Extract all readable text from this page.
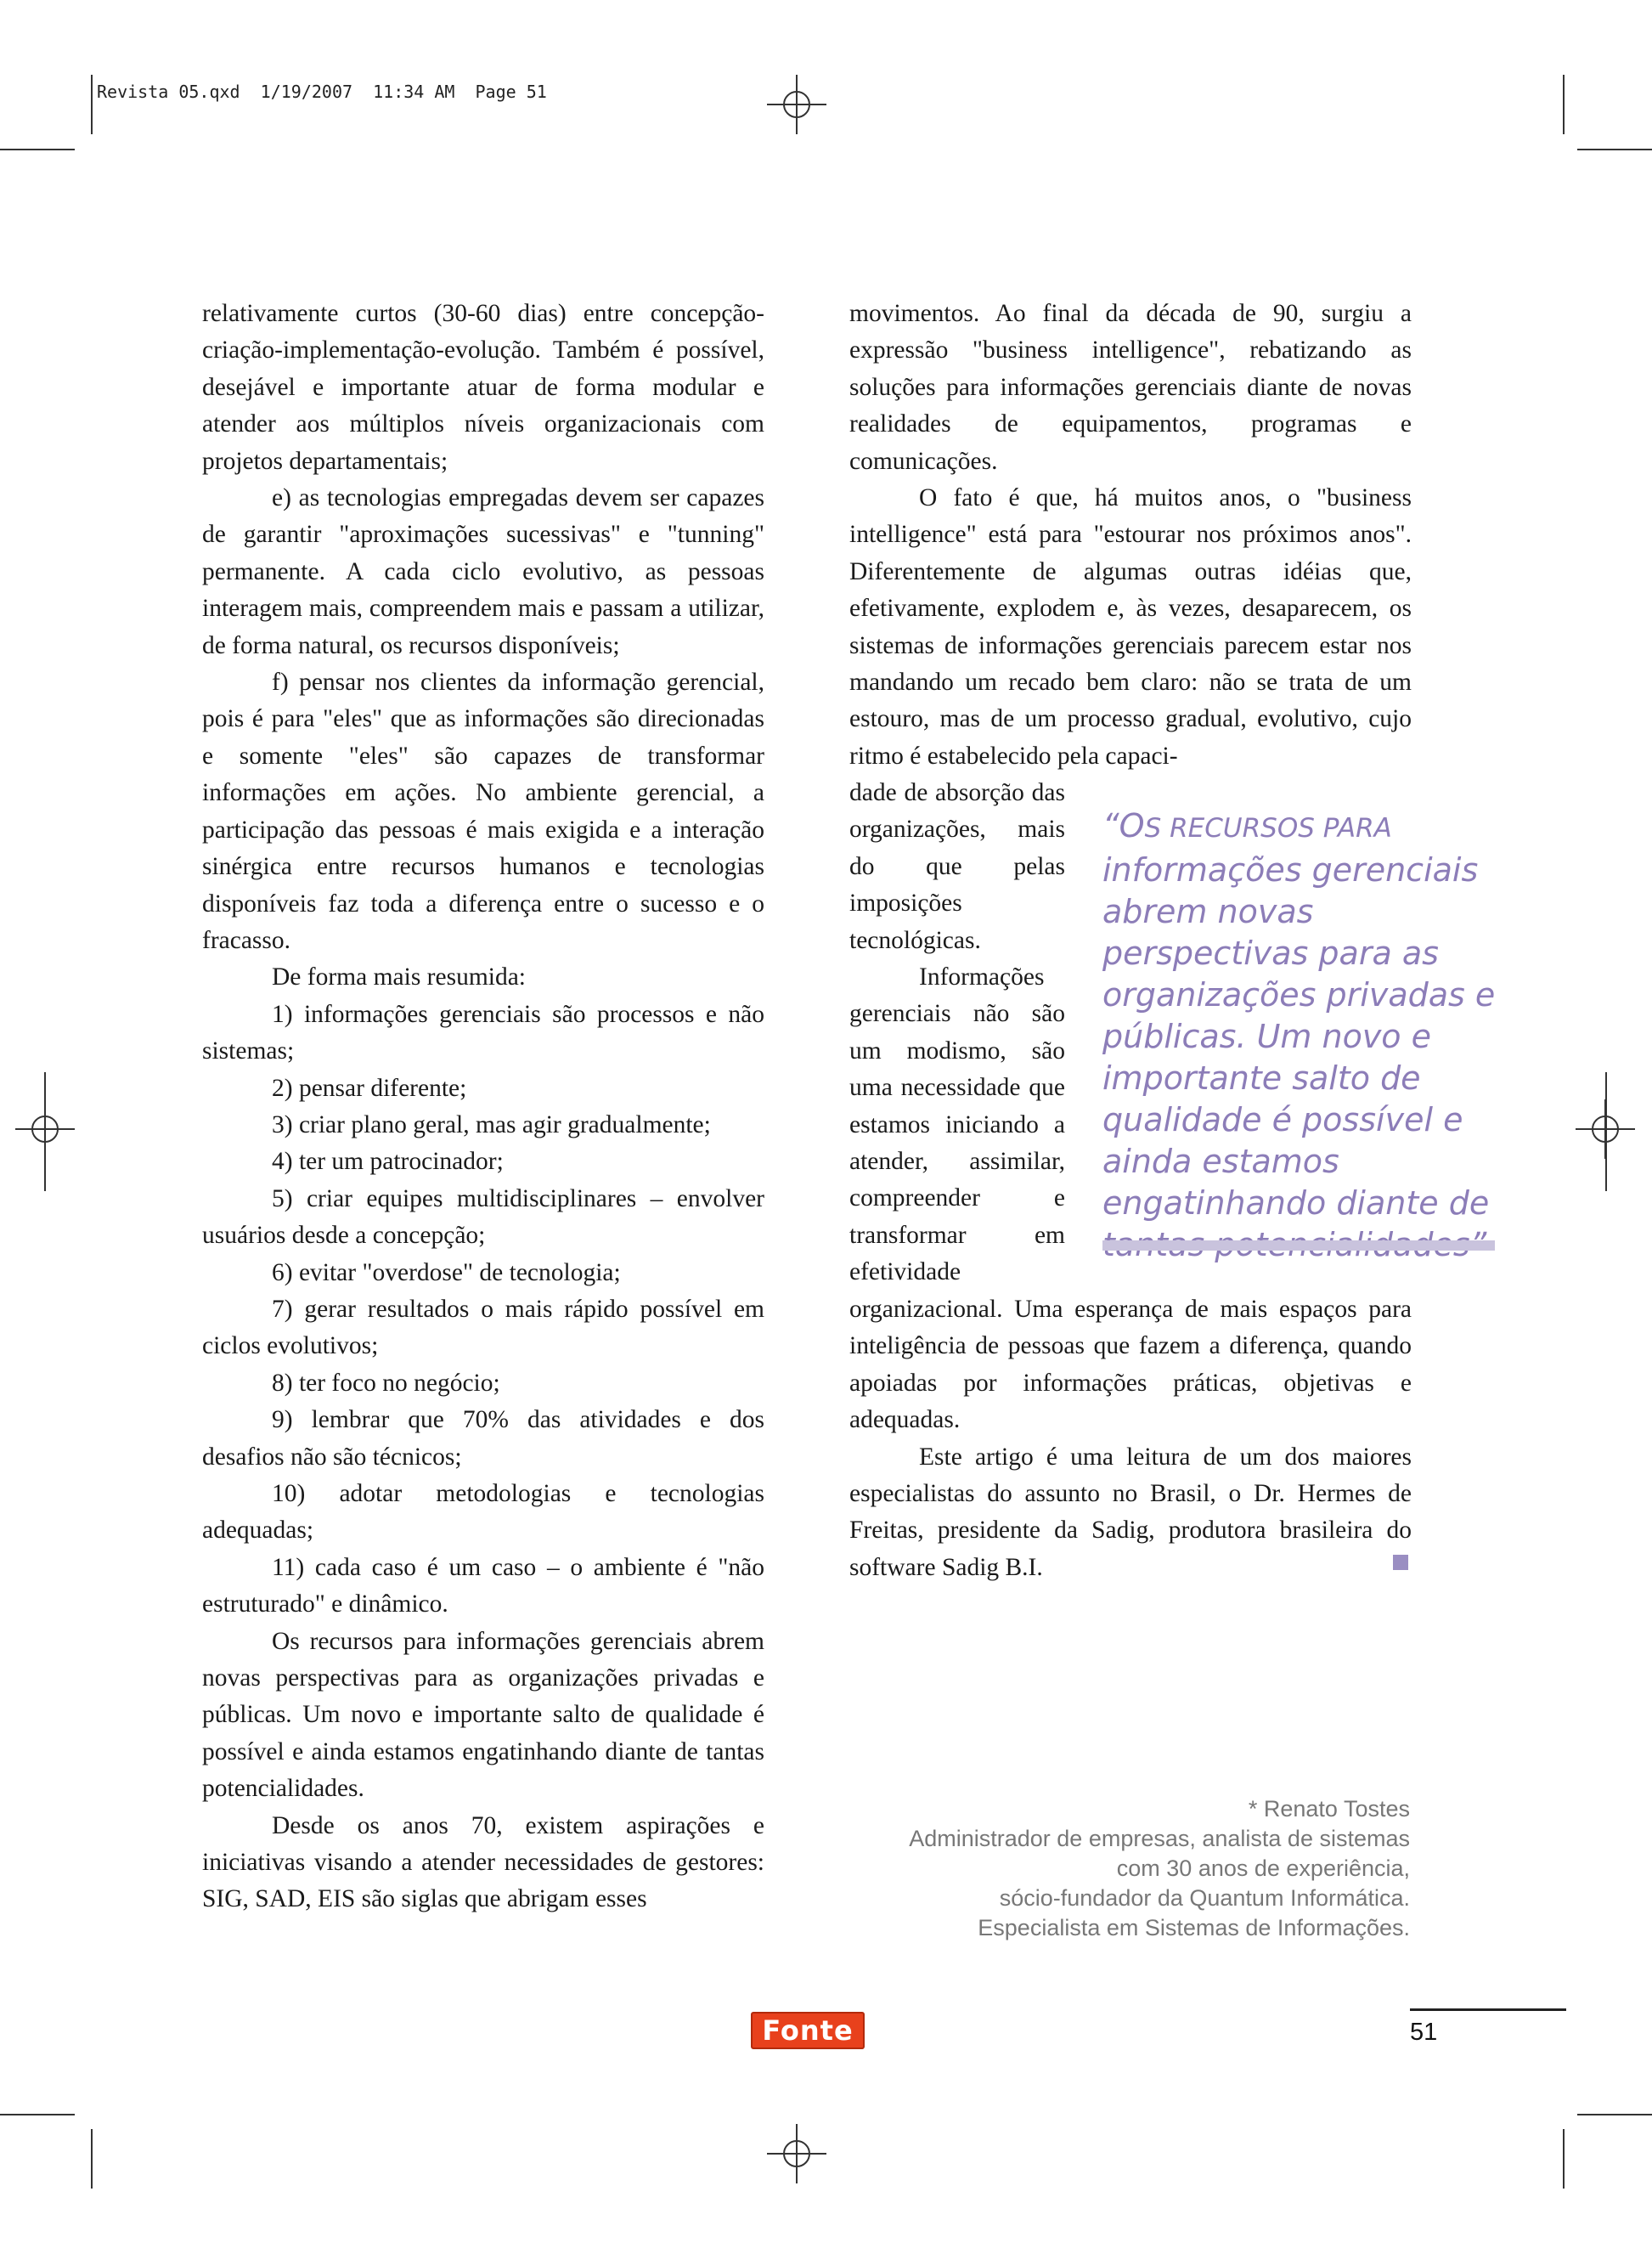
Revista 05.qxd  1/19/2007  11:34 AM  Page 51

relativamente curtos (30-60 dias) entre concepção-criação-implementação-evolução. Também é possível, desejável e importante atuar de forma modular e atender aos múltiplos níveis organizacionais com projetos departamentais;

e) as tecnologias empregadas devem ser capazes de garantir "aproximações sucessivas" e "tunning" permanente. A cada ciclo evolutivo, as pessoas interagem mais, compreendem mais e passam a utilizar, de forma natural, os recursos disponíveis;

f) pensar nos clientes da informação gerencial, pois é para "eles" que as informações são direcionadas e somente "eles" são capazes de transformar informações em ações. No ambiente gerencial, a participação das pessoas é mais exigida e a interação sinérgica entre recursos humanos e tecnologias disponíveis faz toda a diferença entre o sucesso e o fracasso.

De forma mais resumida:

1) informações gerenciais são processos e não sistemas;

2) pensar diferente;

3) criar plano geral, mas agir gradualmente;

4) ter um patrocinador;

5) criar equipes multidisciplinares – envolver usuários desde a concepção;

6) evitar "overdose" de tecnologia;

7) gerar resultados o mais rápido possível em ciclos evolutivos;

8) ter foco no negócio;

9) lembrar que 70% das atividades e dos desafios não são técnicos;

10) adotar metodologias e tecnologias adequadas;

11) cada caso é um caso – o ambiente é "não estruturado" e dinâmico.

Os recursos para informações gerenciais abrem novas perspectivas para as organizações privadas e públicas. Um novo e importante salto de qualidade é possível e ainda estamos engatinhando diante de tantas potencialidades.

Desde os anos 70, existem aspirações e iniciativas visando a atender necessidades de gestores: SIG, SAD, EIS são siglas que abrigam esses

movimentos. Ao final da década de 90, surgiu a expressão "business intelligence", rebatizando as soluções para informações gerenciais diante de novas realidades de equipamentos, programas e comunicações.

O fato é que, há muitos anos, o "business intelligence" está para "estourar nos próximos anos". Diferentemente de algumas outras idéias que, efetivamente, explodem e, às vezes, desaparecem, os sistemas de informações gerenciais parecem estar nos mandando um recado bem claro: não se trata de um estouro, mas de um processo gradual, evolutivo, cujo ritmo é estabelecido pela capaci-

dade de absorção das organizações, mais do que pelas imposições tecnológicas.

Informações gerenciais não são um modismo, são uma necessidade que estamos iniciando a atender, assimilar, compreender e transformar em efetividade

organizacional. Uma esperança de mais espaços para inteligência de pessoas que fazem a diferença, quando apoiadas por informações práticas, objetivas e adequadas.

Este artigo é uma leitura de um dos maiores especialistas do assunto no Brasil, o Dr. Hermes de Freitas, presidente da Sadig, produtora brasileira do software Sadig B.I.

“OS RECURSOS PARA informações gerenciais abrem novas perspectivas para as organizações privadas e públicas. Um novo e importante salto de qualidade é possível e ainda estamos engatinhando diante de
* Renato Tostes
Administrador de empresas, analista de sistemas
com 30 anos de experiência,
sócio-fundador da Quantum Informática.
Especialista em Sistemas de Informações.
Fonte	51
